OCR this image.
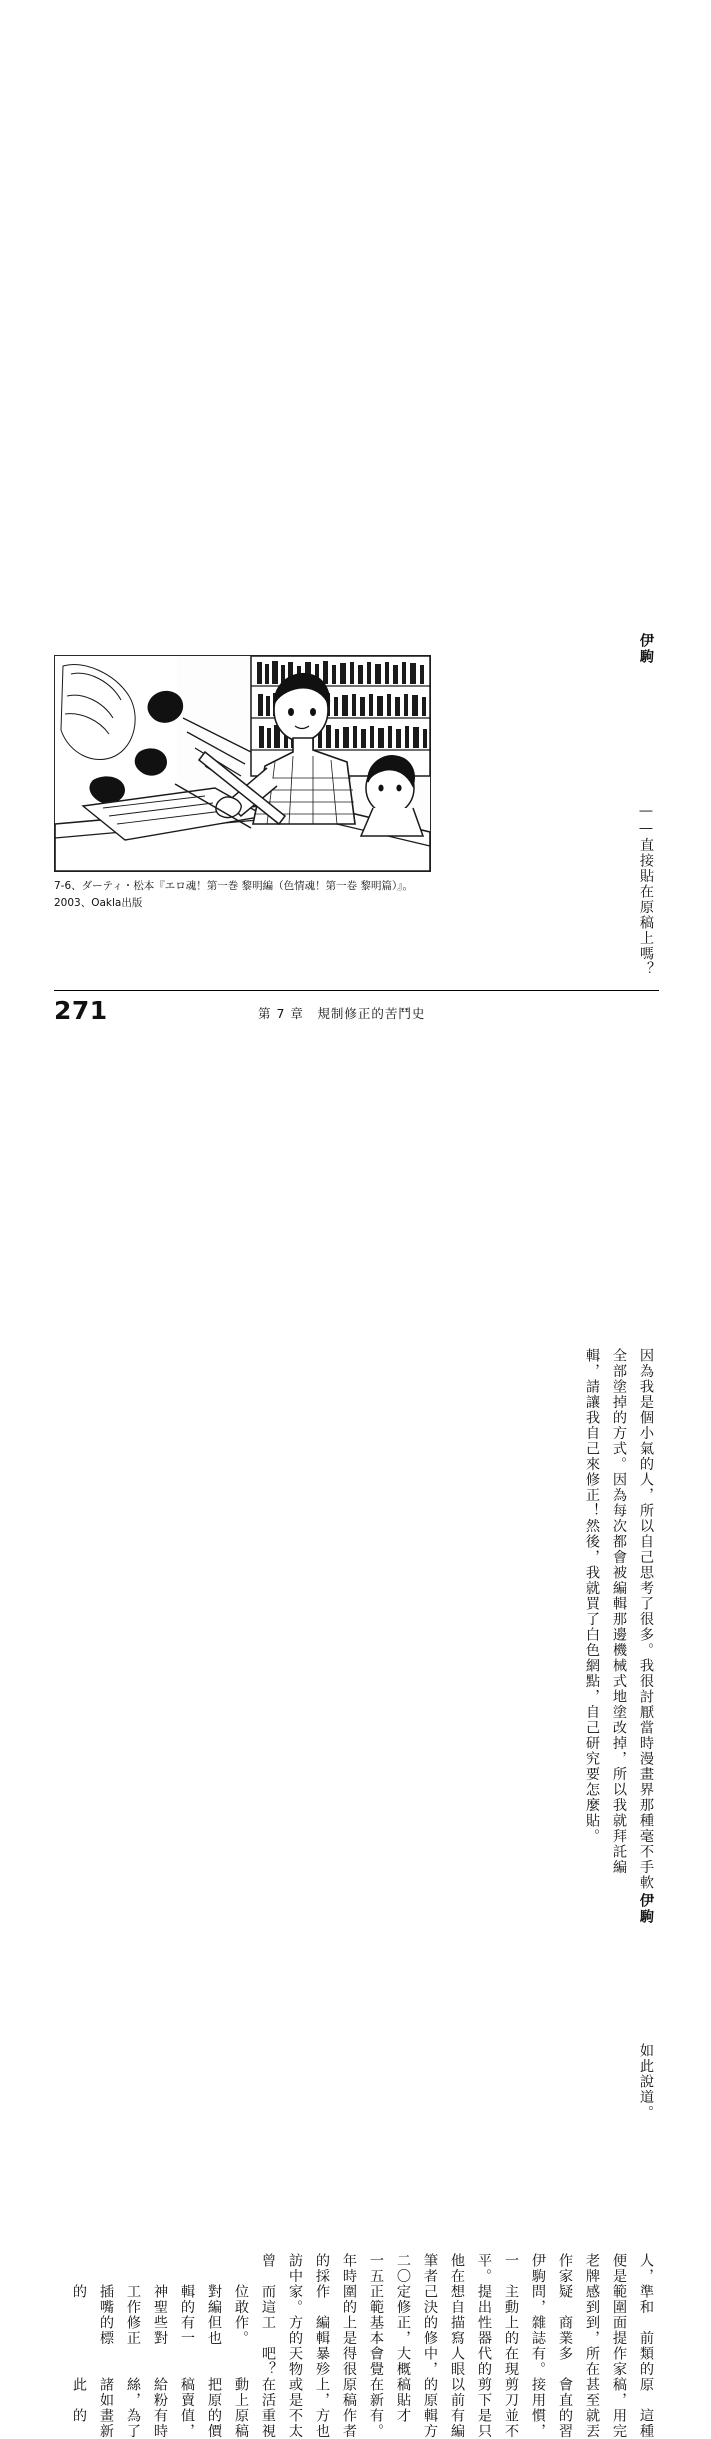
伊駒
——直接貼在原稿上嗎？
因為我是個小氣的人，所以自己思考了很多。我很討厭當時漫畫界那種毫不手軟全部塗掉的方式。因為每次都會被編輯那邊機械式地塗改掉，所以我就拜託編輯，請讓我自己來修正！然後，我就買了白色網點，自己研究要怎麼貼。
伊駒
如此說道。
人，便是老牌作家伊駒一平。他在筆者二〇一五年時的採訪中曾
準和範圍感到疑問，主動提出想自己決定修正範圍的作家。而這位敢對編輯的神聖工作插嘴的
　前面提到，商業雜誌上的性器描寫的修正，基本上是編輯方的工作。但也有一些對修正的標
類的作家所在多有。在現代的人眼中，大概會覺得很暴殄天物吧？
原稿，甚至會直接用剪刀剪下以前的原稿貼在新原稿上，或是在活動上把原稿賣給粉絲，諸如此
這種用完就丟的習慣，並不是只有編輯方才有。作者方也不太重視原稿的價值，有時為了畫新的
7-6、ダーティ・松本『エロ魂！第一巻 黎明編（色情魂！第一卷 黎明篇）』。
2003、Oakla出版
271	第 7 章　規制修正的苦鬥史
